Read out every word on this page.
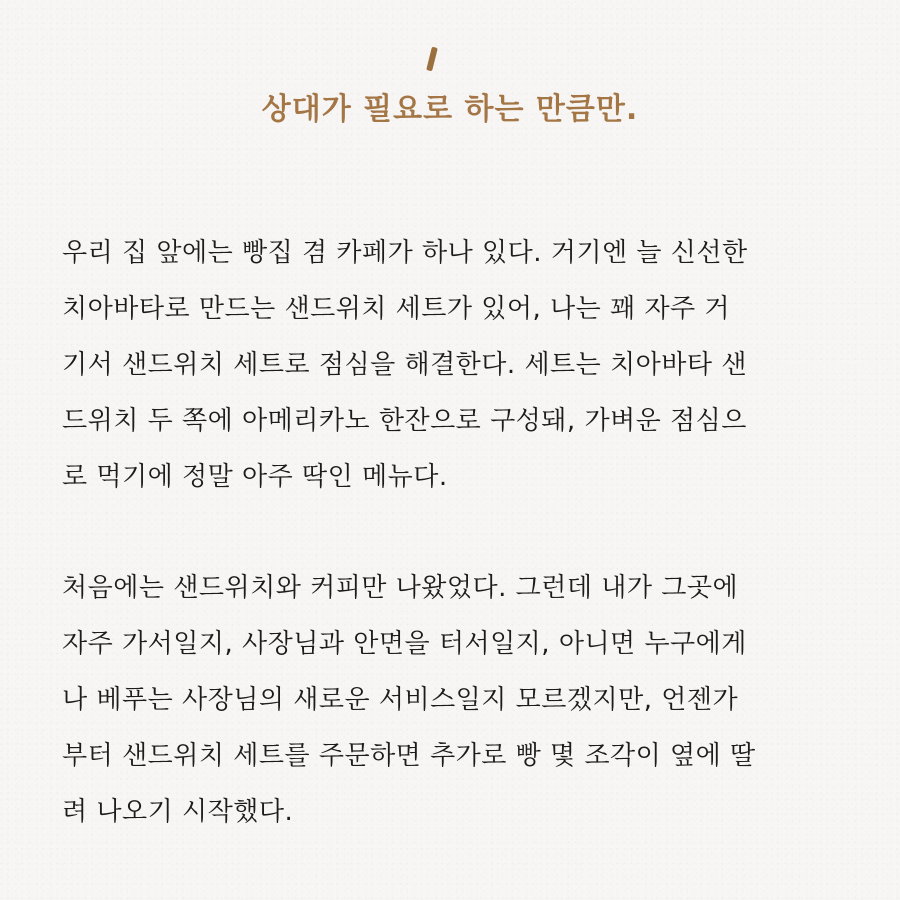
상대가 필요로 하는 만큼만.
우리 집 앞에는 빵집 겸 카페가 하나 있다. 거기엔 늘 신선한
치아바타로 만드는 샌드위치 세트가 있어, 나는 꽤 자주 거
기서 샌드위치 세트로 점심을 해결한다. 세트는 치아바타 샌
드위치 두 쪽에 아메리카노 한잔으로 구성돼, 가벼운 점심으
로 먹기에 정말 아주 딱인 메뉴다.
처음에는 샌드위치와 커피만 나왔었다. 그런데 내가 그곳에
자주 가서일지, 사장님과 안면을 터서일지, 아니면 누구에게
나 베푸는 사장님의 새로운 서비스일지 모르겠지만, 언젠가
부터 샌드위치 세트를 주문하면 추가로 빵 몇 조각이 옆에 딸
려 나오기 시작했다.
